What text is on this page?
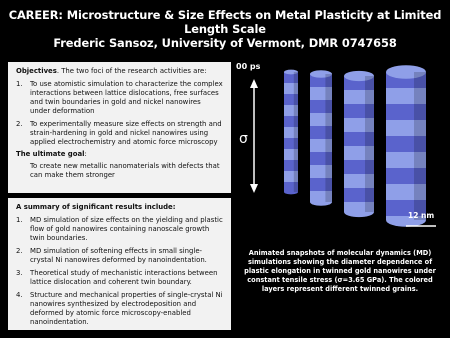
CAREER: Microstructure & Size Effects on Metal Plasticity at Limited Length Scale
Frederic Sansoz, University of Vermont, DMR 0747658
Objectives. The two foci of the research activities are:
1.	To use atomistic simulation to characterize the complex interactions between lattice dislocations, free surfaces and twin boundaries in gold and nickel nanowires under deformation
2.	To experimentally measure size effects on strength and strain-hardening in gold and nickel nanowires using applied electrochemistry and atomic force microscopy
The ultimate goal:
To create new metallic nanomaterials with defects that can make them stronger
A summary of significant results include:
1.	MD simulation of size effects on the yielding and plastic flow of gold nanowires containing nanoscale growth twin boundaries.
2.	MD simulation of softening effects in small single-crystal Ni nanowires deformed by nanoindentation.
3.	Theoretical study of mechanistic interactions between lattice dislocation and coherent twin boundary.
4.	Structure and mechanical properties of single-crystal Ni nanowires synthesized by electrodeposition and deformed by atomic force microscopy-enabled nanoindentation.
00 ps
σ
12 nm
Animated snapshots of molecular dynamics (MD) simulations showing the diameter dependence of plastic elongation in twinned gold nanowires under constant tensile stress (σ=3.65 GPa). The colored layers represent different twinned grains.
